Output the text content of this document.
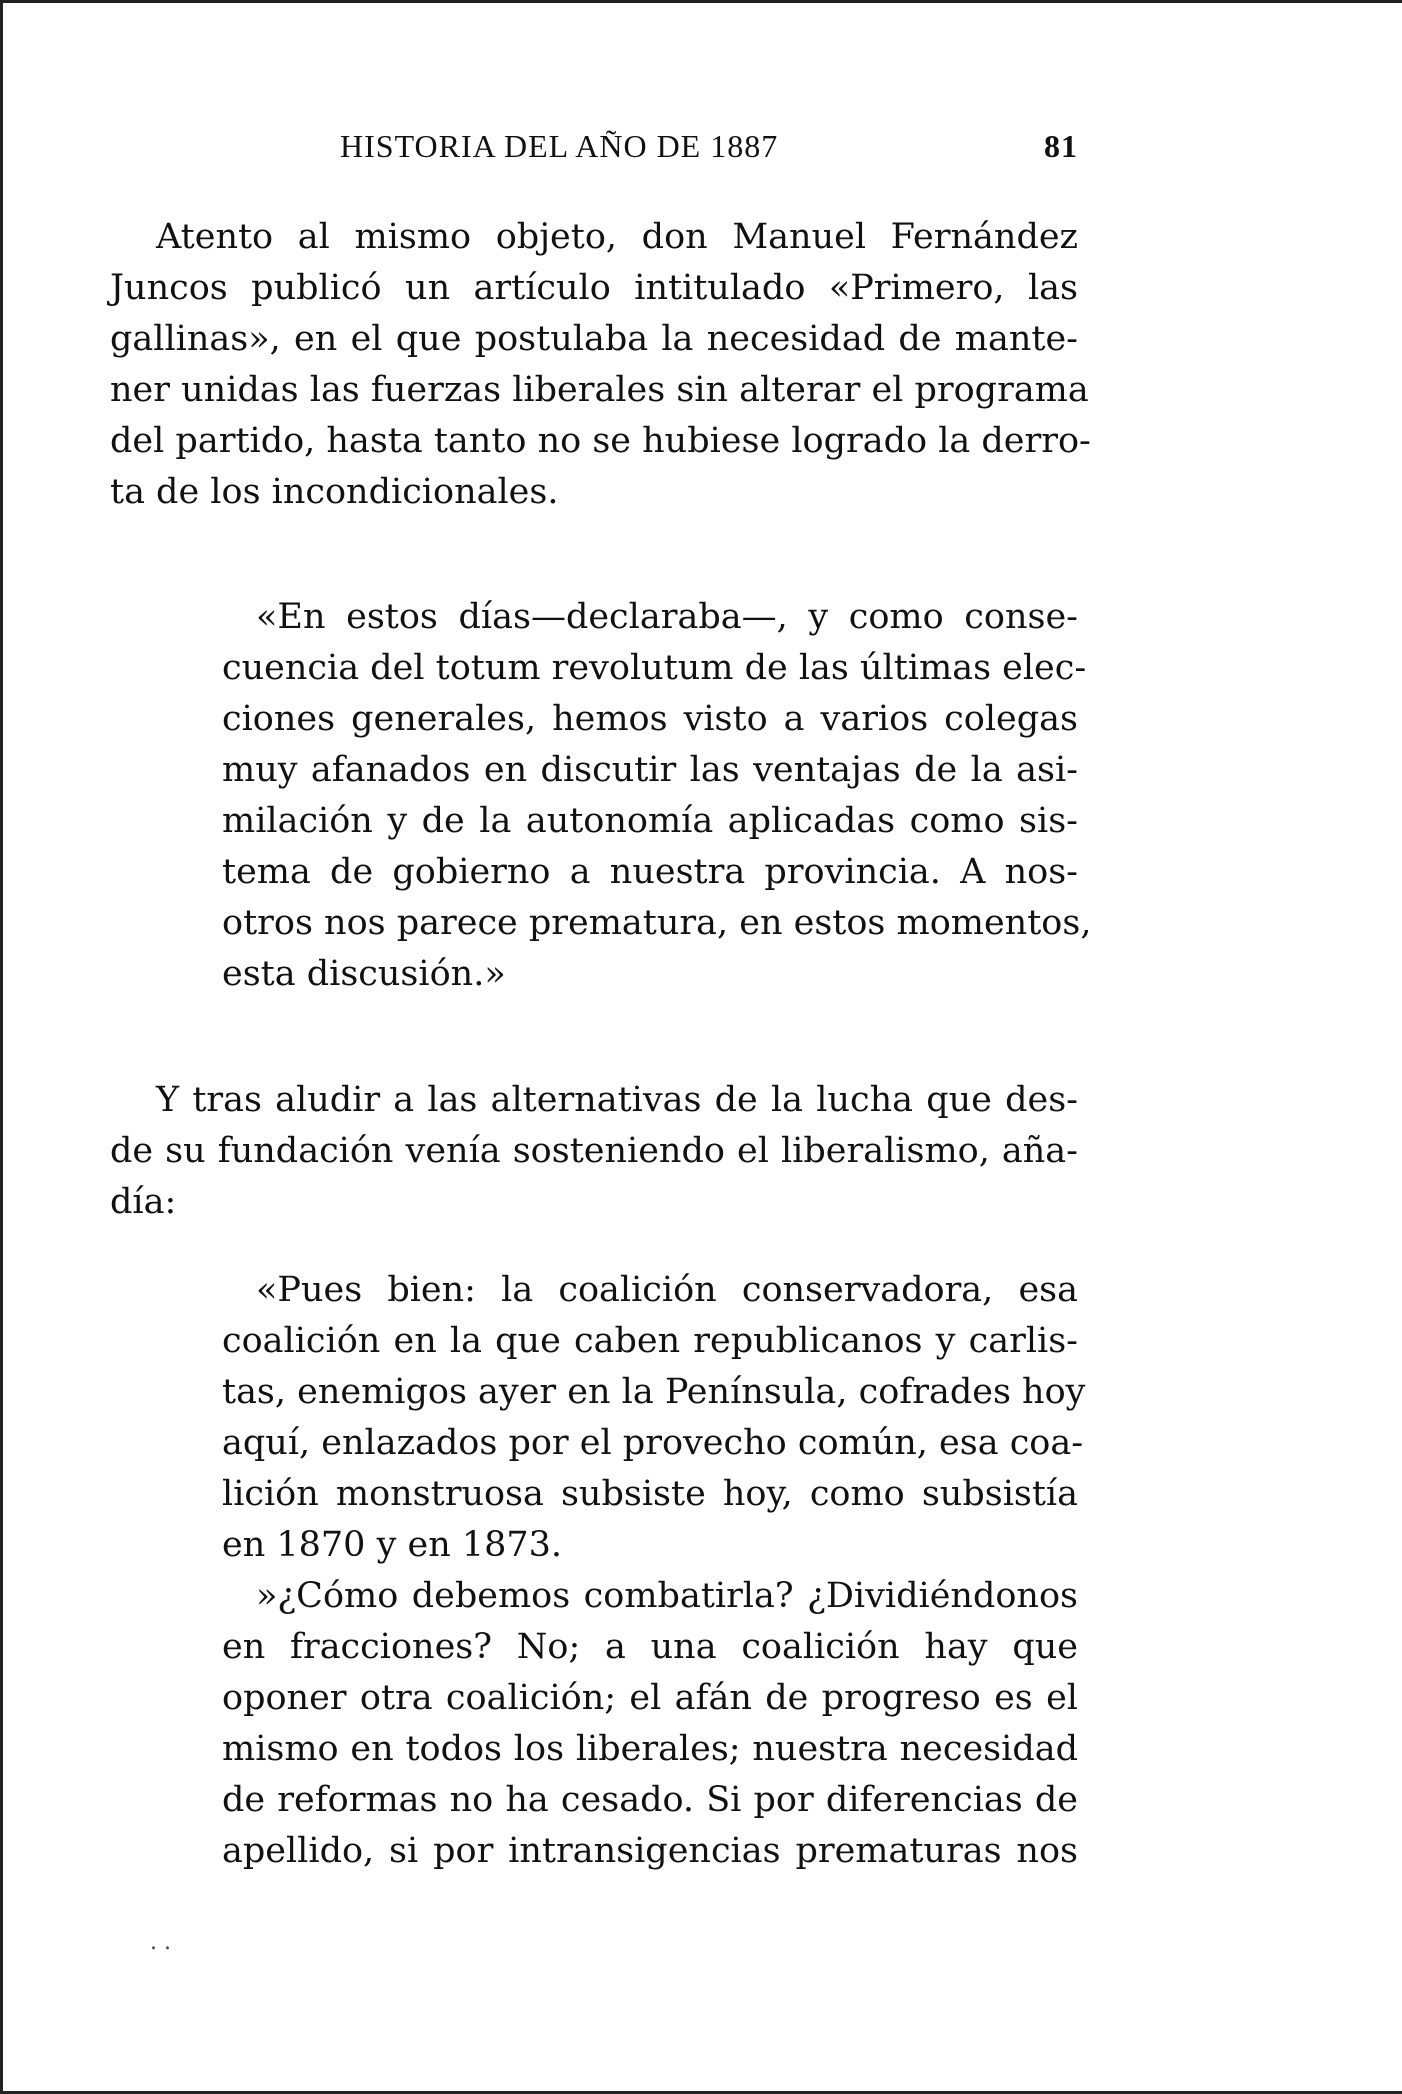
HISTORIA DEL AÑO DE 1887	81
Atento al mismo objeto, don Manuel Fernández
Juncos publicó un artículo intitulado «Primero, las
gallinas», en el que postulaba la necesidad de mante-
ner unidas las fuerzas liberales sin alterar el programa
del partido, hasta tanto no se hubiese logrado la derro-
ta de los incondicionales.
«En estos días—declaraba—, y como conse-
cuencia del totum revolutum de las últimas elec-
ciones generales, hemos visto a varios colegas
muy afanados en discutir las ventajas de la asi-
milación y de la autonomía aplicadas como sis-
tema de gobierno a nuestra provincia. A nos-
otros nos parece prematura, en estos momentos,
esta discusión.»
Y tras aludir a las alternativas de la lucha que des-
de su fundación venía sosteniendo el liberalismo, aña-
día:
«Pues bien: la coalición conservadora, esa
coalición en la que caben republicanos y carlis-
tas, enemigos ayer en la Península, cofrades hoy
aquí, enlazados por el provecho común, esa coa-
lición monstruosa subsiste hoy, como subsistía
en 1870 y en 1873.
»¿Cómo debemos combatirla? ¿Dividiéndonos
en fracciones? No; a una coalición hay que
oponer otra coalición; el afán de progreso es el
mismo en todos los liberales; nuestra necesidad
de reformas no ha cesado. Si por diferencias de
apellido, si por intransigencias prematuras nos
. .
